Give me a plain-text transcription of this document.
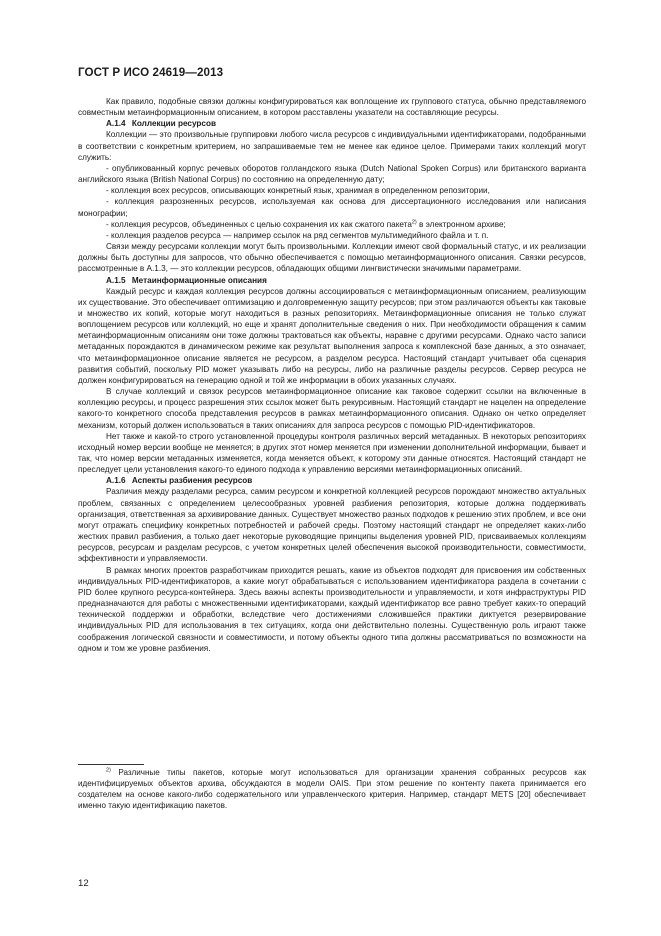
ГОСТ Р ИСО 24619—2013

Как правило, подобные связки должны конфигурироваться как воплощение их группового статуса, обычно представляемого совместным метаинформационным описанием, в котором расставлены указатели на составляющие ресурсы.

A.1.4 Коллекции ресурсов

Коллекции — это произвольные группировки любого числа ресурсов с индивидуальными идентификаторами, подобранными в соответствии с конкретным критерием, но запрашиваемые тем не менее как единое целое. Примерами таких коллекций могут служить:

- опубликованный корпус речевых оборотов голландского языка (Dutch National Spoken Corpus) или британского варианта английского языка (British National Corpus) по состоянию на определенную дату;

- коллекция всех ресурсов, описывающих конкретный язык, хранимая в определенном репозитории,

- коллекция разрозненных ресурсов, используемая как основа для диссертационного исследования или написания монографии;

- коллекция ресурсов, объединенных с целью сохранения их как сжатого пакета$^{2)}$ в электронном архиве;

- коллекция разделов ресурса — например ссылок на ряд сегментов мультимедийного файла и т. п.

Связи между ресурсами коллекции могут быть произвольными. Коллекции имеют свой формальный статус, и их реализации должны быть доступны для запросов, что обычно обеспечивается с помощью метаинформационного описания. Связки ресурсов, рассмотренные в A.1.3, — это коллекции ресурсов, обладающих общими лингвистически значимыми параметрами.

A.1.5 Метаинформационные описания

Каждый ресурс и каждая коллекция ресурсов должны ассоциироваться с метаинформационным описанием, реализующим их существование. Это обеспечивает оптимизацию и долговременную защиту ресурсов; при этом различаются объекты как таковые и множество их копий, которые могут находиться в разных репозиториях. Метаинформационные описания не только служат воплощением ресурсов или коллекций, но еще и хранят дополнительные сведения о них. При необходимости обращения к самим метаинформационным описаниям они тоже должны трактоваться как объекты, наравне с другими ресурсами. Однако часто записи метаданных порождаются в динамическом режиме как результат выполнения запроса к комплексной базе данных, а это означает, что метаинформационное описание является не ресурсом, а разделом ресурса. Настоящий стандарт учитывает оба сценария развития событий, поскольку PID может указывать либо на ресурсы, либо на различные разделы ресурсов. Сервер ресурса не должен конфигурироваться на генерацию одной и той же информации в обоих указанных случаях.

В случае коллекций и связок ресурсов метаинформационное описание как таковое содержит ссылки на включенные в коллекцию ресурсы, и процесс разрешения этих ссылок может быть рекурсивным. Настоящий стандарт не нацелен на определение какого-то конкретного способа представления ресурсов в рамках метаинформационного описания. Однако он четко определяет механизм, который должен использоваться в таких описаниях для запроса ресурсов с помощью PID-идентификаторов.

Нет также и какой-то строго установленной процедуры контроля различных версий метаданных. В некоторых репозиториях исходный номер версии вообще не меняется; в других этот номер меняется при изменении дополнительной информации, бывает и так, что номер версии метаданных изменяется, когда меняется объект, к которому эти данные относятся. Настоящий стандарт не преследует цели установления какого-то единого подхода к управлению версиями метаинформационных описаний.

A.1.6 Аспекты разбиения ресурсов

Различия между разделами ресурса, самим ресурсом и конкретной коллекцией ресурсов порождают множество актуальных проблем, связанных с определением целесообразных уровней разбиения репозитория, которые должна поддерживать организация, ответственная за архивирование данных. Существует множество разных подходов к решению этих проблем, и все они могут отражать специфику конкретных потребностей и рабочей среды. Поэтому настоящий стандарт не определяет каких-либо жестких правил разбиения, а только дает некоторые руководящие принципы выделения уровней PID, присваиваемых коллекциям ресурсов, ресурсам и разделам ресурсов, с учетом конкретных целей обеспечения высокой производительности, совместимости, эффективности и управляемости.

В рамках многих проектов разработчикам приходится решать, какие из объектов подходят для присвоения им собственных индивидуальных PID-идентификаторов, а какие могут обрабатываться с использованием идентификатора раздела в сочетании с PID более крупного ресурса-контейнера. Здесь важны аспекты производительности и управляемости, и хотя инфраструктуры PID предназначаются для работы с множественными идентификаторами, каждый идентификатор все равно требует каких-то операций технической поддержки и обработки, вследствие чего достижениями сложившейся практики диктуется резервирование индивидуальных PID для использования в тех ситуациях, когда они действительно полезны. Существенную роль играют также соображения логической связности и совместимости, и потому объекты одного типа должны рассматриваться по возможности на одном и том же уровне разбиения.

$^{2)}$ Различные типы пакетов, которые могут использоваться для организации хранения собранных ресурсов как идентифицируемых объектов архива, обсуждаются в модели OAIS. При этом решение по контенту пакета принимается его создателем на основе какого-либо содержательного или управленческого критерия. Например, стандарт METS [20] обеспечивает именно такую идентификацию пакетов.

12
